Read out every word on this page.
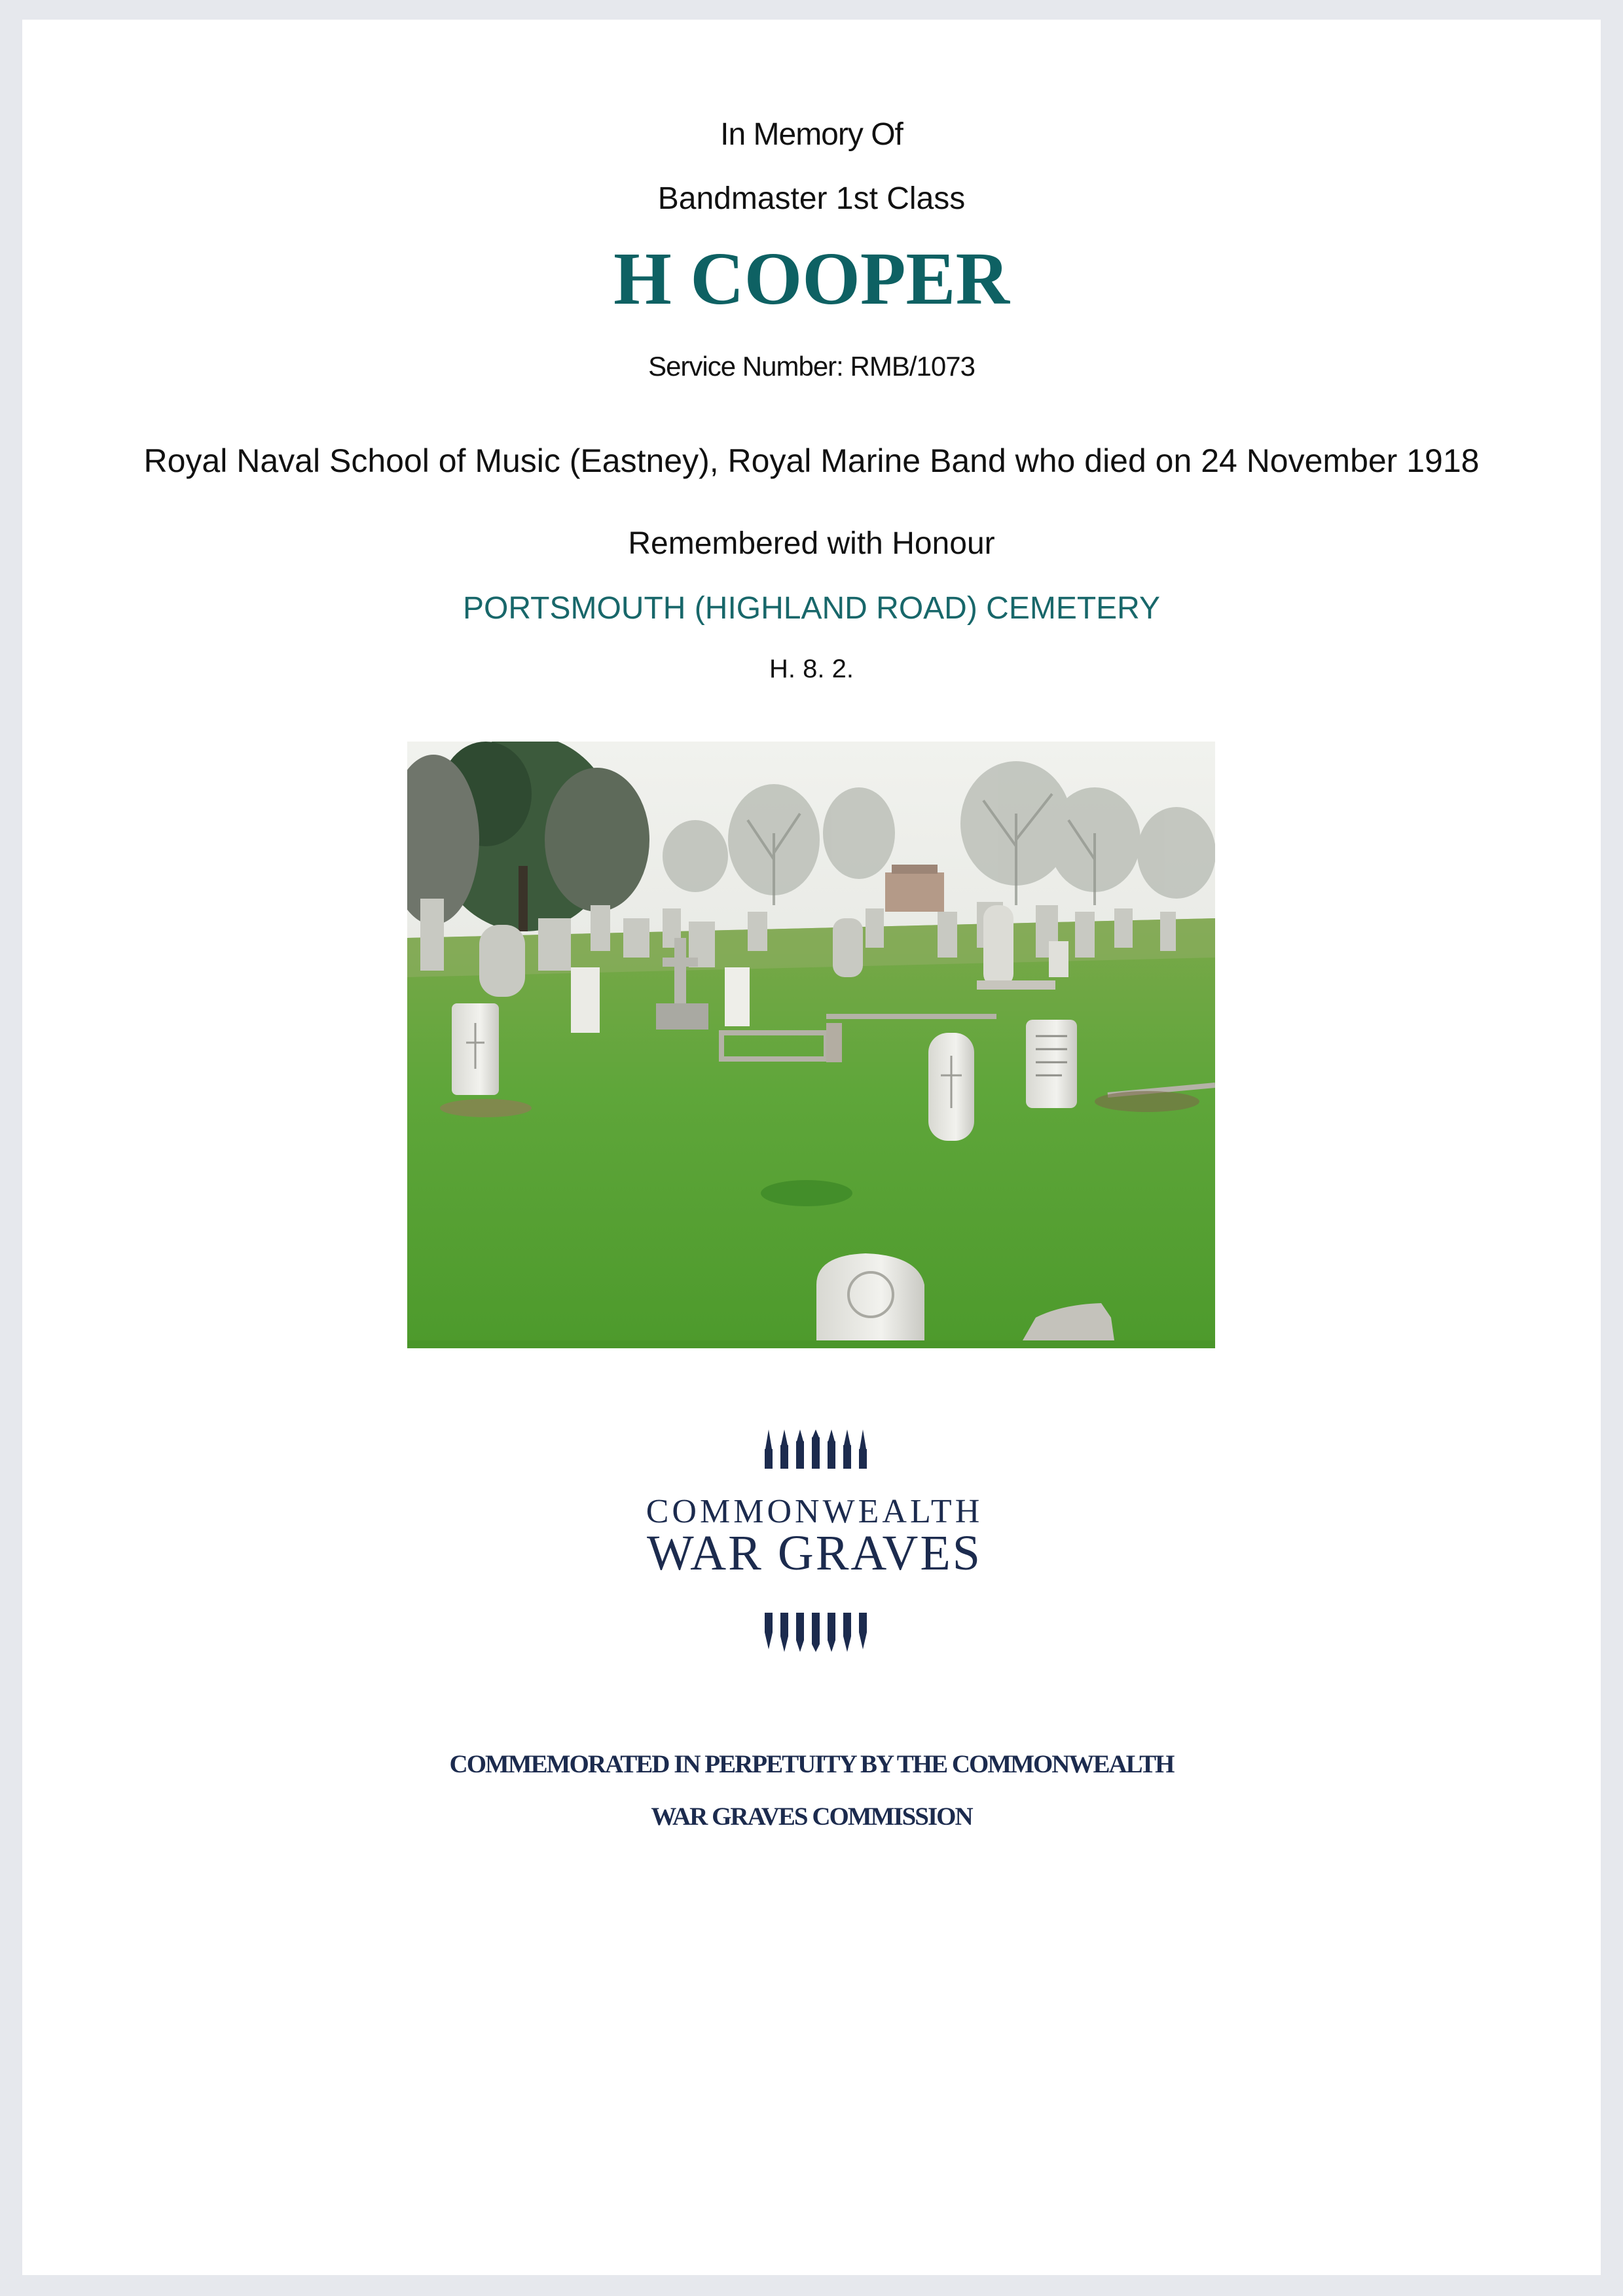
In Memory Of
Bandmaster 1st Class
H COOPER
Service Number: RMB/1073
Royal Naval School of Music (Eastney), Royal Marine Band who died on 24 November 1918
Remembered with Honour
PORTSMOUTH (HIGHLAND ROAD) CEMETERY
H. 8. 2.
COMMONWEALTH
WAR GRAVES
COMMEMORATED IN PERPETUITY BY THE COMMONWEALTH
WAR GRAVES COMMISSION
